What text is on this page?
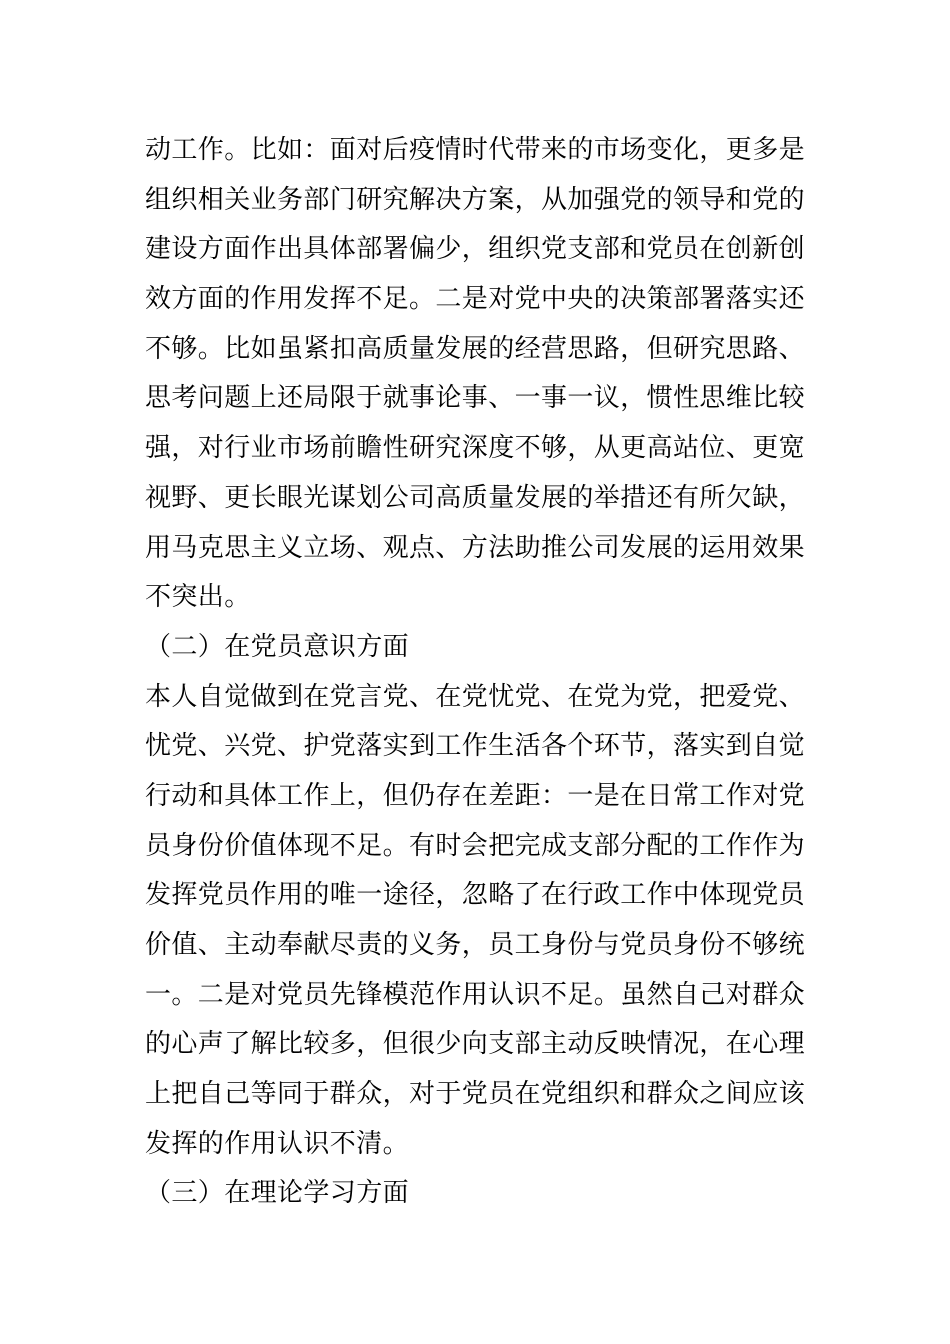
动工作。比如：面对后疫情时代带来的市场变化，更多是
组织相关业务部门研究解决方案，从加强党的领导和党的
建设方面作出具体部署偏少，组织党支部和党员在创新创
效方面的作用发挥不足。二是对党中央的决策部署落实还
不够。比如虽紧扣高质量发展的经营思路，但研究思路、
思考问题上还局限于就事论事、一事一议，惯性思维比较
强，对行业市场前瞻性研究深度不够，从更高站位、更宽
视野、更长眼光谋划公司高质量发展的举措还有所欠缺，
用马克思主义立场、观点、方法助推公司发展的运用效果
不突出。
（二）在党员意识方面
本人自觉做到在党言党、在党忧党、在党为党，把爱党、
忧党、兴党、护党落实到工作生活各个环节，落实到自觉
行动和具体工作上，但仍存在差距：一是在日常工作对党
员身份价值体现不足。有时会把完成支部分配的工作作为
发挥党员作用的唯一途径，忽略了在行政工作中体现党员
价值、主动奉献尽责的义务，员工身份与党员身份不够统
一。二是对党员先锋模范作用认识不足。虽然自己对群众
的心声了解比较多，但很少向支部主动反映情况，在心理
上把自己等同于群众，对于党员在党组织和群众之间应该
发挥的作用认识不清。
（三）在理论学习方面
